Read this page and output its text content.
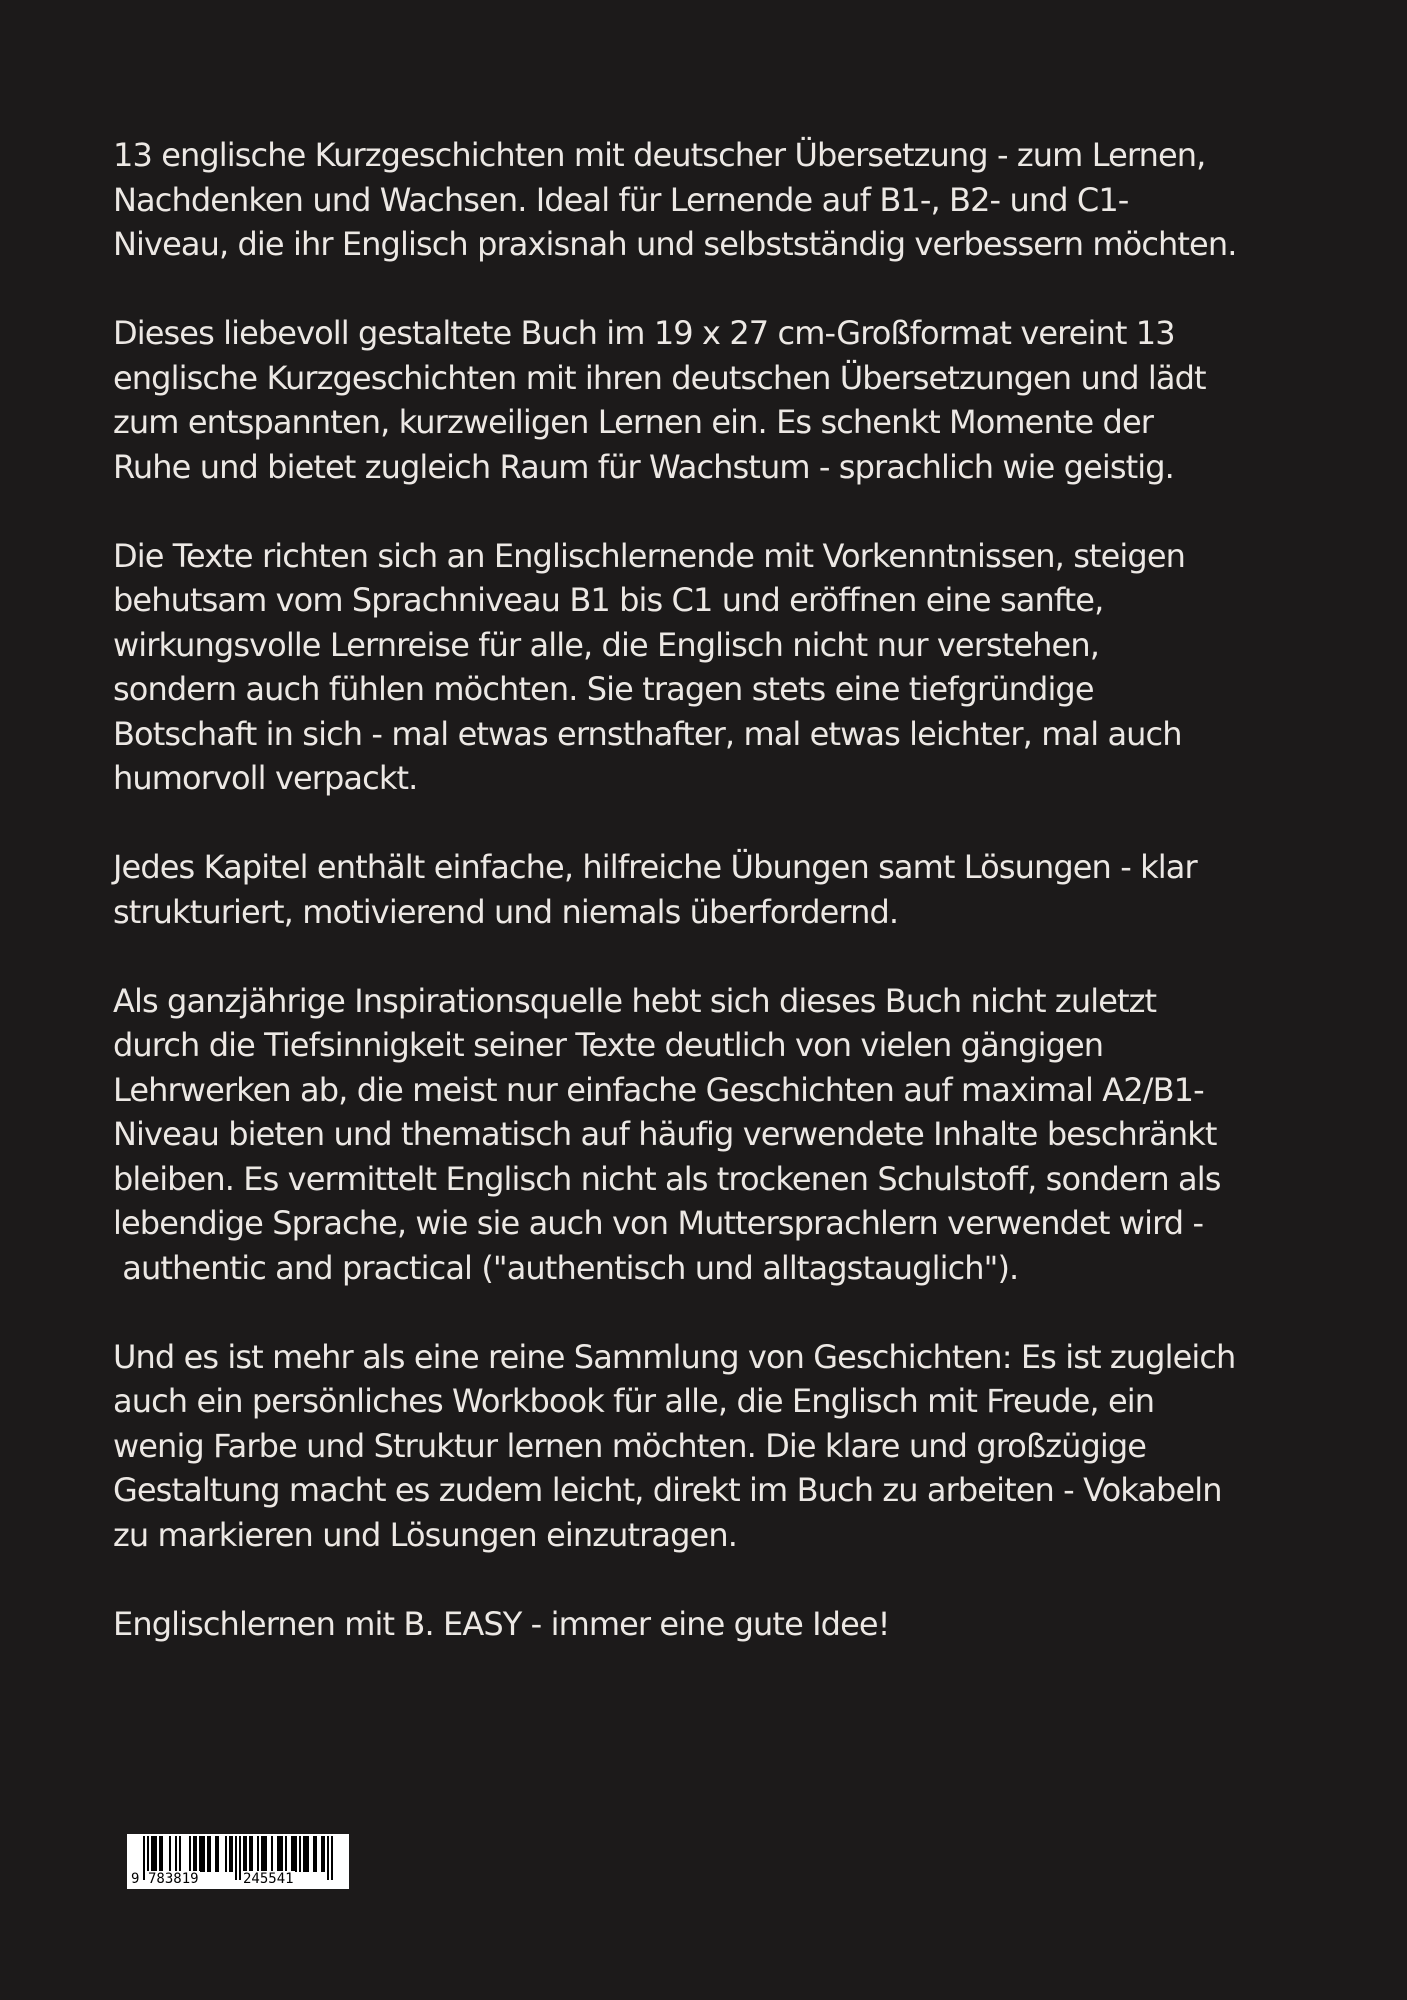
13 englische Kurzgeschichten mit deutscher Übersetzung - zum Lernen,
Nachdenken und Wachsen. Ideal für Lernende auf B1-, B2- und C1-
Niveau, die ihr Englisch praxisnah und selbstständig verbessern möchten.

Dieses liebevoll gestaltete Buch im 19 x 27 cm-Großformat vereint 13
englische Kurzgeschichten mit ihren deutschen Übersetzungen und lädt
zum entspannten, kurzweiligen Lernen ein. Es schenkt Momente der
Ruhe und bietet zugleich Raum für Wachstum - sprachlich wie geistig.

Die Texte richten sich an Englischlernende mit Vorkenntnissen, steigen
behutsam vom Sprachniveau B1 bis C1 und eröffnen eine sanfte,
wirkungsvolle Lernreise für alle, die Englisch nicht nur verstehen,
sondern auch fühlen möchten. Sie tragen stets eine tiefgründige
Botschaft in sich - mal etwas ernsthafter, mal etwas leichter, mal auch
humorvoll verpackt.

Jedes Kapitel enthält einfache, hilfreiche Übungen samt Lösungen - klar
strukturiert, motivierend und niemals überfordernd.

Als ganzjährige Inspirationsquelle hebt sich dieses Buch nicht zuletzt
durch die Tiefsinnigkeit seiner Texte deutlich von vielen gängigen
Lehrwerken ab, die meist nur einfache Geschichten auf maximal A2/B1-
Niveau bieten und thematisch auf häufig verwendete Inhalte beschränkt
bleiben. Es vermittelt Englisch nicht als trockenen Schulstoff, sondern als
lebendige Sprache, wie sie auch von Muttersprachlern verwendet wird -
authentic and practical ("authentisch und alltagstauglich").

Und es ist mehr als eine reine Sammlung von Geschichten: Es ist zugleich
auch ein persönliches Workbook für alle, die Englisch mit Freude, ein
wenig Farbe und Struktur lernen möchten. Die klare und großzügige
Gestaltung macht es zudem leicht, direkt im Buch zu arbeiten - Vokabeln
zu markieren und Lösungen einzutragen.

Englischlernen mit B. EASY - immer eine gute Idee!

9 783819	245541
